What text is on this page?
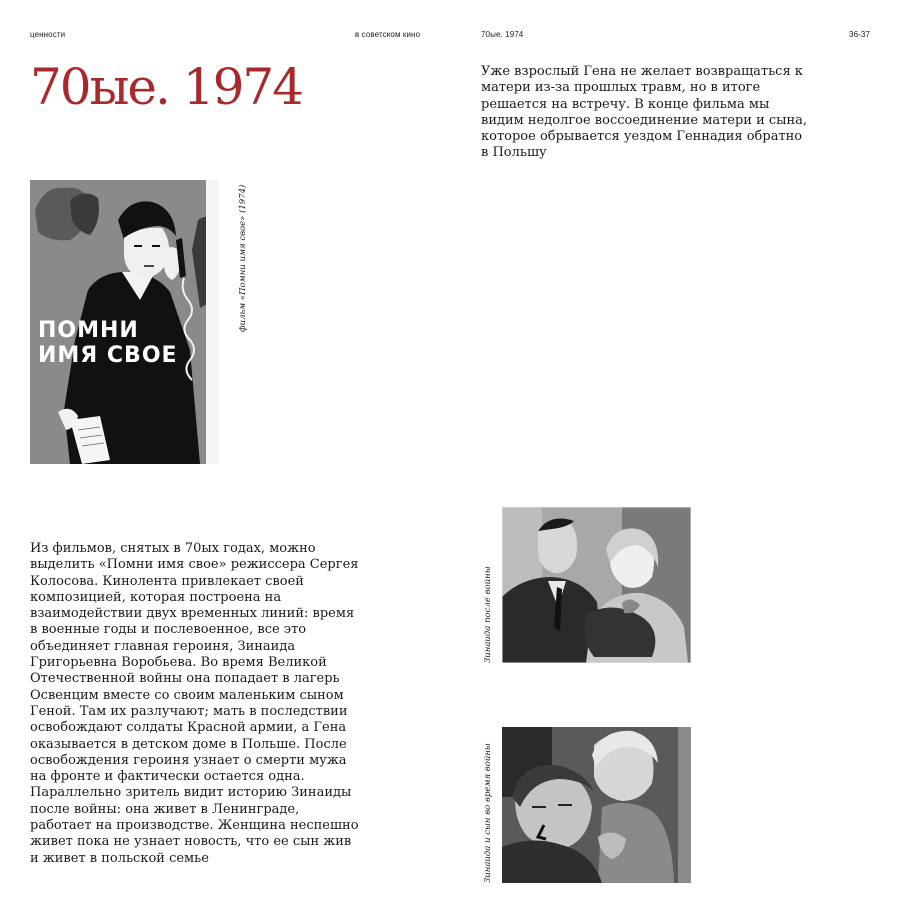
ценности	в советском кино	70ые. 1974	36-37
70ые. 1974	Уже взрослый Гена не желает возвращаться к матери из-за прошлых травм, но в итоге решается на встречу. В конце фильма мы видим недолгое воссоединение матери и сына, которое обрывается уездом Геннадия обратно в Польшу

ПОМНИ
ИМЯ СВОЕ
фильм «Помни имя свое» (1974)

Из фильмов, снятых в 70ых годах, можно выделить «Помни имя свое» режиссера Сергея Колосова. Кинолента привлекает своей композицией, которая построена на взаимодействии двух временных линий: время в военные годы и послевоенное, все это объединяет главная героиня, Зинаида Григорьевна Воробьева. Во время Великой Отечественной войны она попадает в лагерь Освенцим вместе со своим маленьким сыном Геной. Там их разлучают; мать в последствии освобождают солдаты Красной армии, а Гена оказывается в детском доме в Польше. После освобождения героиня узнает о смерти мужа на фронте и фактически остается одна. Параллельно зритель видит историю Зинаиды после войны: она живет в Ленинграде, работает на производстве. Женщина неспешно живет пока не узнает новость, что ее сын жив и живет в польской семье

Зинаида после войны
Зинаида и сын во время войны
